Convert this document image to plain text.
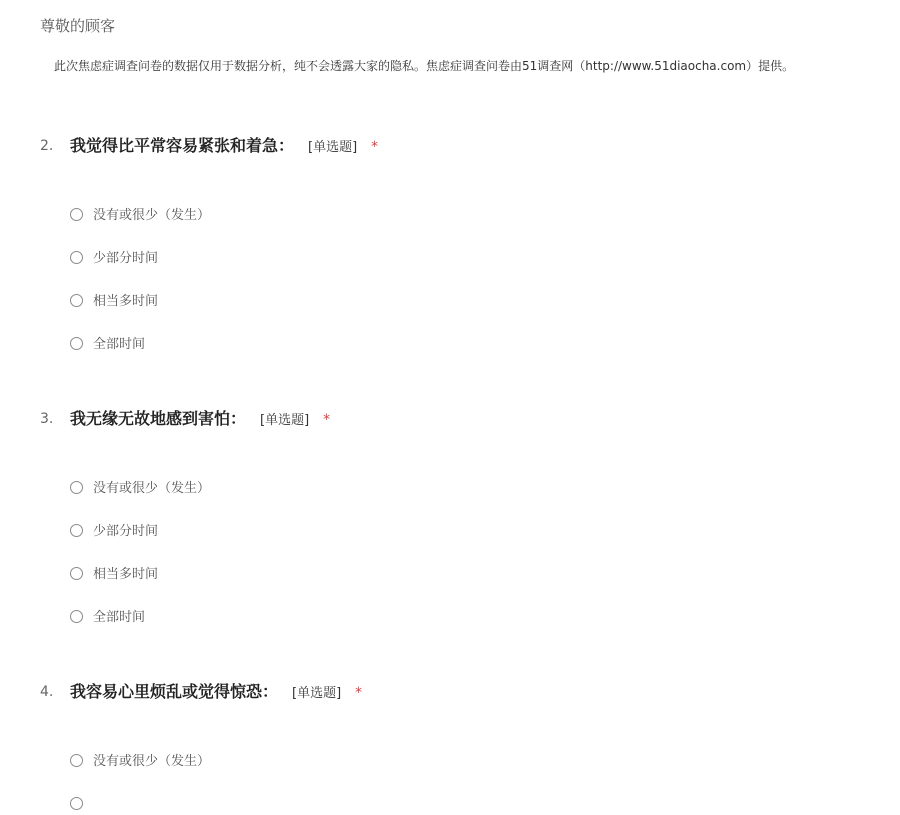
尊敬的顾客
此次焦虑症调查问卷的数据仅用于数据分析，纯不会透露大家的隐私。焦虑症调查问卷由51调查网（http://www.51diaocha.com）提供。
2. 我觉得比平常容易紧张和着急： [单选题] *
没有或很少（发生）
少部分时间
相当多时间
全部时间
3. 我无缘无故地感到害怕： [单选题] *
没有或很少（发生）
少部分时间
相当多时间
全部时间
4. 我容易心里烦乱或觉得惊恐： [单选题] *
没有或很少（发生）
